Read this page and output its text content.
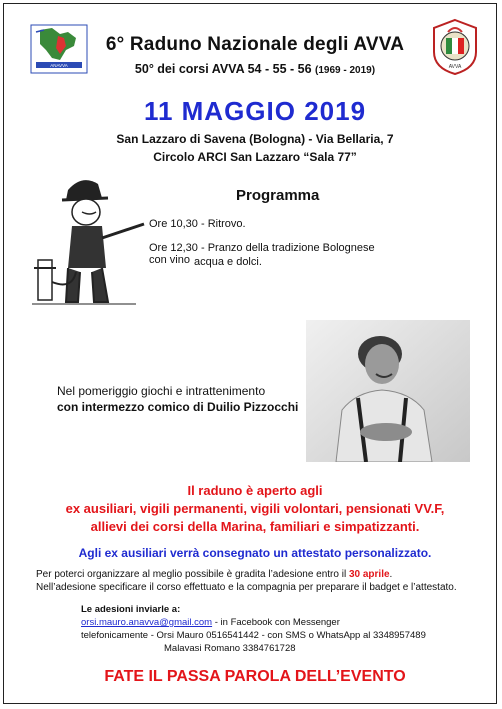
ANAVVA	AVVA
6° Raduno Nazionale degli AVVA
50° dei corsi AVVA 54 - 55 - 56 (1969 - 2019)
11 MAGGIO 2019
San Lazzaro di Savena (Bologna) - Via Bellaria, 7
Circolo ARCI San Lazzaro “Sala 77”
Programma
Ore 10,30 - Ritrovo.
Ore 12,30 - Pranzo della tradizione Bolognese con vino acqua e dolci.
Nel pomeriggio giochi e intrattenimento
con intermezzo comico di Duilio Pizzocchi
Il raduno è aperto agli
ex ausiliari, vigili permanenti, vigili volontari, pensionati VV.F,
allievi dei corsi della Marina, familiari e simpatizzanti.
Agli ex ausiliari verrà consegnato un attestato personalizzato.
Per poterci organizzare al meglio possibile è gradita l’adesione entro il 30 aprile.
Nell’adesione specificare il corso effettuato e la compagnia per preparare il badget e l’attestato.
Le adesioni inviarle a:
orsi.mauro.anavva@gmail.com - in Facebook con Messenger
telefonicamente - Orsi Mauro 0516541442 - con SMS o WhatsApp al 3348957489
Malavasi Romano 3384761728
FATE IL PASSA PAROLA DELL’EVENTO
